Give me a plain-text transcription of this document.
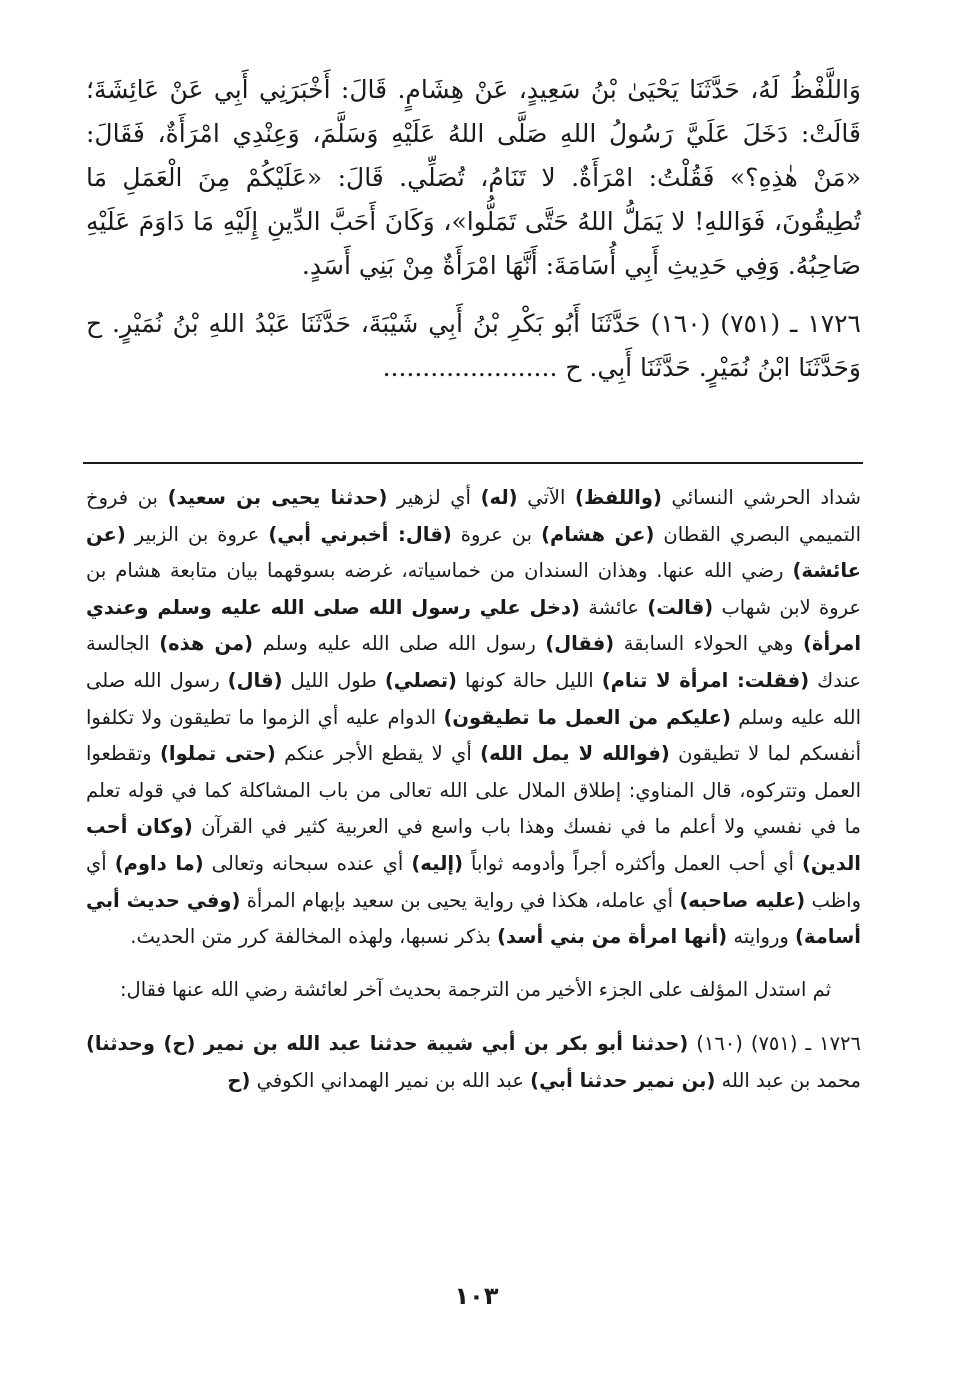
وَاللَّفْظُ لَهُ، حَدَّثَنَا يَحْيَىٰ بْنُ سَعِيدٍ، عَنْ هِشَامٍ. قَالَ: أَخْبَرَنِي أَبِي عَنْ عَائِشَةَ؛ قَالَتْ: دَخَلَ عَلَيَّ رَسُولُ اللهِ صَلَّى اللهُ عَلَيْهِ وَسَلَّمَ، وَعِنْدِي امْرَأَةٌ، فَقَالَ: «مَنْ هٰذِهِ؟» فَقُلْتُ: امْرَأَةٌ. لا تَنَامُ، تُصَلِّي. قَالَ: «عَلَيْكُمْ مِنَ الْعَمَلِ مَا تُطِيقُونَ، فَوَاللهِ! لا يَمَلُّ اللهُ حَتَّى تَمَلُّوا»، وَكَانَ أَحَبَّ الدِّينِ إِلَيْهِ مَا دَاوَمَ عَلَيْهِ صَاحِبُهُ. وَفِي حَدِيثِ أَبِي أُسَامَةَ: أَنَّهَا امْرَأَةٌ مِنْ بَنِي أَسَدٍ.

١٧٢٦ ـ (٧٥١) (١٦٠) حَدَّثَنَا أَبُو بَكْرِ بْنُ أَبِي شَيْبَةَ، حَدَّثَنَا عَبْدُ اللهِ بْنُ نُمَيْرٍ. ح وَحَدَّثَنَا ابْنُ نُمَيْرٍ. حَدَّثَنَا أَبِي. ح ......................

شداد الحرشي النسائي (واللفظ) الآتي (له) أي لزهير (حدثنا يحيى بن سعيد) بن فروخ التميمي البصري القطان (عن هشام) بن عروة (قال: أخبرني أبي) عروة بن الزبير (عن عائشة) رضي الله عنها. وهذان السندان من خماسياته، غرضه بسوقهما بيان متابعة هشام بن عروة لابن شهاب (قالت) عائشة (دخل علي رسول الله صلى الله عليه وسلم وعندي امرأة) وهي الحولاء السابقة (فقال) رسول الله صلى الله عليه وسلم (من هذه) الجالسة عندك (فقلت: امرأة لا تنام) الليل حالة كونها (تصلي) طول الليل (قال) رسول الله صلى الله عليه وسلم (عليكم من العمل ما تطيقون) الدوام عليه أي الزموا ما تطيقون ولا تكلفوا أنفسكم لما لا تطيقون (فوالله لا يمل الله) أي لا يقطع الأجر عنكم (حتى تملوا) وتقطعوا العمل وتتركوه، قال المناوي: إطلاق الملال على الله تعالى من باب المشاكلة كما في قوله تعلم ما في نفسي ولا أعلم ما في نفسك وهذا باب واسع في العربية كثير في القرآن (وكان أحب الدين) أي أحب العمل وأكثره أجراً وأدومه ثواباً (إليه) أي عنده سبحانه وتعالى (ما داوم) أي واظب (عليه صاحبه) أي عامله، هكذا في رواية يحيى بن سعيد بإبهام المرأة (وفي حديث أبي أسامة) وروايته (أنها امرأة من بني أسد) بذكر نسبها، ولهذه المخالفة كرر متن الحديث.

ثم استدل المؤلف على الجزء الأخير من الترجمة بحديث آخر لعائشة رضي الله عنها فقال:

١٧٢٦ ـ (٧٥١) (١٦٠) (حدثنا أبو بكر بن أبي شيبة حدثنا عبد الله بن نمير (ح) وحدثنا) محمد بن عبد الله (بن نمير حدثنا أبي) عبد الله بن نمير الهمداني الكوفي (ح

١٠٣
